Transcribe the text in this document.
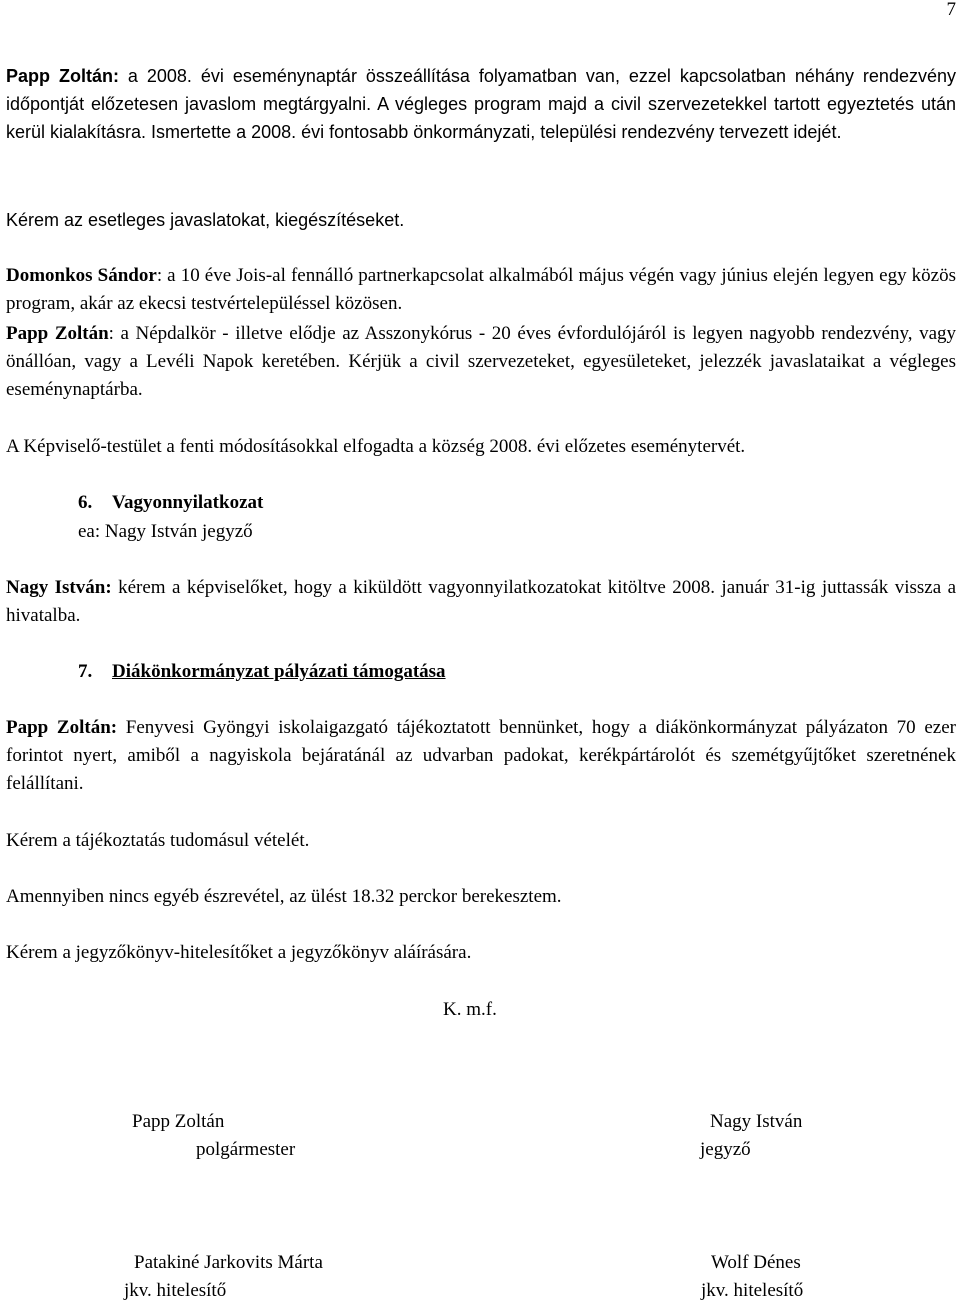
7

Papp Zoltán: a 2008. évi eseménynaptár összeállítása folyamatban van, ezzel kapcsolatban néhány rendezvény időpontját előzetesen javaslom megtárgyalni. A végleges program majd a civil szervezetekkel tartott egyeztetés után kerül kialakításra. Ismertette a 2008. évi fontosabb önkormányzati, települési rendezvény tervezett idejét.

Kérem az esetleges javaslatokat, kiegészítéseket.

Domonkos Sándor: a 10 éve Jois-al fennálló partnerkapcsolat alkalmából május végén vagy június elején legyen egy közös program, akár az ekecsi testvértelepüléssel közösen.

Papp Zoltán: a Népdalkör - illetve elődje az Asszonykórus - 20 éves évfordulójáról is legyen nagyobb rendezvény, vagy önállóan, vagy a Levéli Napok keretében. Kérjük a civil szervezeteket, egyesületeket, jelezzék javaslataikat a végleges eseménynaptárba.

A Képviselő-testület a fenti módosításokkal elfogadta a község 2008. évi előzetes eseménytervét.

6. Vagyonnyilatkozat
ea: Nagy István jegyző

Nagy István: kérem a képviselőket, hogy a kiküldött vagyonnyilatkozatokat kitöltve 2008. január 31-ig juttassák vissza a hivatalba.

7. Diákönkormányzat pályázati támogatása

Papp Zoltán: Fenyvesi Gyöngyi iskolaigazgató tájékoztatott bennünket, hogy a diákönkormányzat pályázaton 70 ezer forintot nyert, amiből a nagyiskola bejáratánál az udvarban padokat, kerékpártárolót és szemétgyűjtőket szeretnének felállítani.

Kérem a tájékoztatás tudomásul vételét.

Amennyiben nincs egyéb észrevétel, az ülést 18.32 perckor berekesztem.

Kérem a jegyzőkönyv-hitelesítőket a jegyzőkönyv aláírására.

K. m.f.
Papp Zoltán
polgármester
Nagy István
jegyző
Patakiné Jarkovits Márta
jkv. hitelesítő
Wolf Dénes
jkv. hitelesítő
